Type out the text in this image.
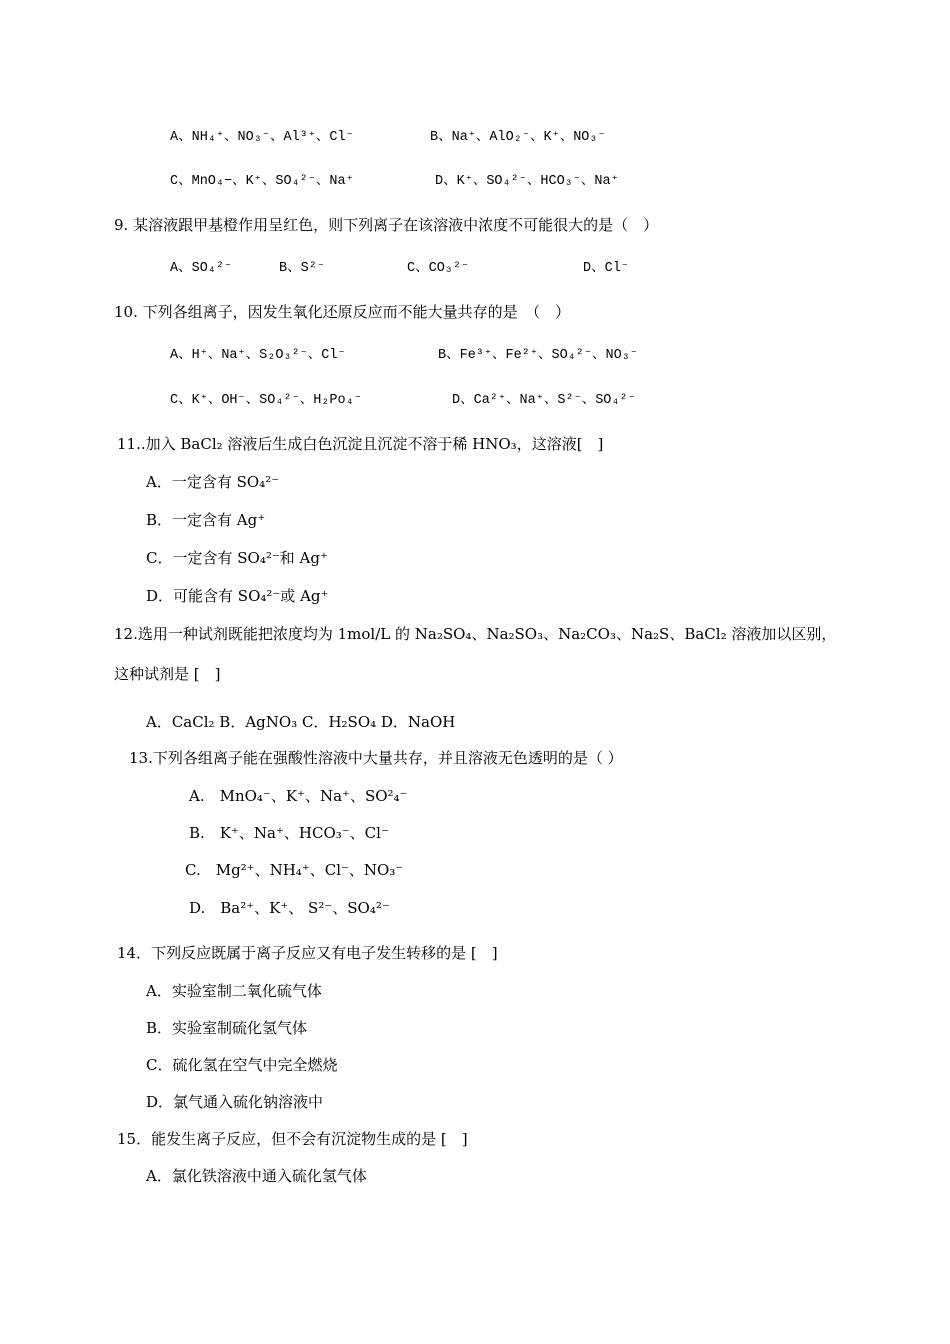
A、NH₄⁺、NO₃⁻、Al³⁺、Cl⁻	B、Na⁺、AlO₂⁻、K⁺、NO₃⁻
C、MnO₄−、K⁺、SO₄²⁻、Na⁺	D、K⁺、SO₄²⁻、HCO₃⁻、Na⁺
9. 某溶液跟甲基橙作用呈红色，则下列离子在该溶液中浓度不可能很大的是（　）
A、SO₄²⁻	B、S²⁻	C、CO₃²⁻	D、Cl⁻
10. 下列各组离子，因发生氧化还原反应而不能大量共存的是　（　）
A、H⁺、Na⁺、S₂O₃²⁻、Cl⁻	B、Fe³⁺、Fe²⁺、SO₄²⁻、NO₃⁻
C、K⁺、OH⁻、SO₄²⁻、H₂Po₄⁻	D、Ca²⁺、Na⁺、S²⁻、SO₄²⁻
11..加入 BaCl₂ 溶液后生成白色沉淀且沉淀不溶于稀 HNO₃，这溶液[　]
A．一定含有 SO₄²⁻
B．一定含有 Ag⁺
C．一定含有 SO₄²⁻和 Ag⁺
D．可能含有 SO₄²⁻或 Ag⁺
12.选用一种试剂既能把浓度均为 1mol/L 的 Na₂SO₄、Na₂SO₃、Na₂CO₃、Na₂S、BaCl₂ 溶液加以区别，
这种试剂是 [　]
A．CaCl₂ B．AgNO₃ C．H₂SO₄ D．NaOH
13.下列各组离子能在强酸性溶液中大量共存，并且溶液无色透明的是（ ）
A.　MnO₄⁻、K⁺、Na⁺、SO²₄⁻
B.　K⁺、Na⁺、HCO₃⁻、Cl⁻
C.　Mg²⁺、NH₄⁺、Cl⁻、NO₃⁻
D.　Ba²⁺、K⁺、 S²⁻、SO₄²⁻
14．下列反应既属于离子反应又有电子发生转移的是 [　]
A．实验室制二氧化硫气体
B．实验室制硫化氢气体
C．硫化氢在空气中完全燃烧
D．氯气通入硫化钠溶液中
15．能发生离子反应，但不会有沉淀物生成的是 [　]
A．氯化铁溶液中通入硫化氢气体
